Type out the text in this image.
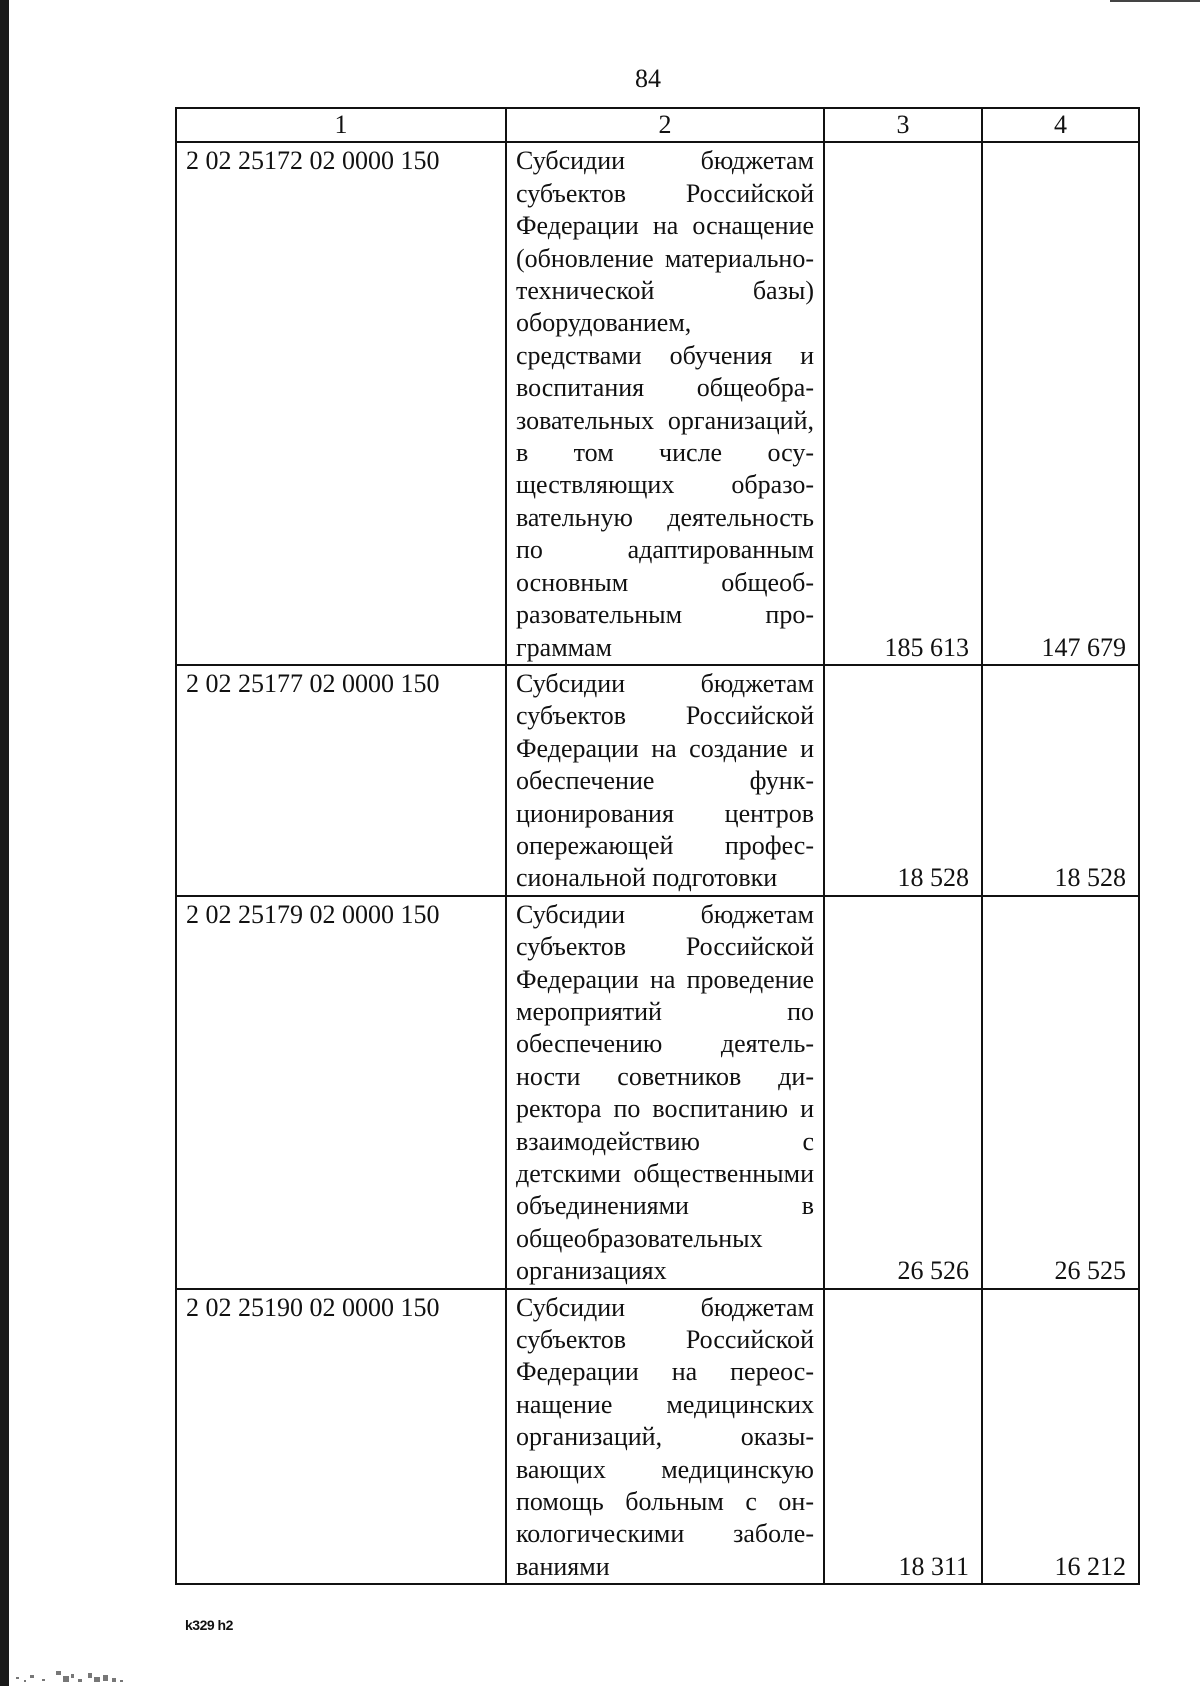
84
1	2	3	4
2 02 25172 02 0000 150	Субсидии бюджетам субъектов Российской Федерации на оснащение (обновление материально-технической базы) оборудованием, средствами обучения и воспитания общеобразовательных организаций, в том числе осуществляющих образовательную деятельность по адаптированным основным общеобразовательным программам	185 613	147 679
2 02 25177 02 0000 150	Субсидии бюджетам субъектов Российской Федерации на создание и обеспечение функционирования центров опережающей профессиональной подготовки	18 528	18 528
2 02 25179 02 0000 150	Субсидии бюджетам субъектов Российской Федерации на проведение мероприятий по обеспечению деятельности советников директора по воспитанию и взаимодействию с детскими общественными объединениями в общеобразовательных организациях	26 526	26 525
2 02 25190 02 0000 150	Субсидии бюджетам субъектов Российской Федерации на переоснащение медицинских организаций, оказывающих медицинскую помощь больным с онкологическими заболеваниями	18 311	16 212
k329 h2
